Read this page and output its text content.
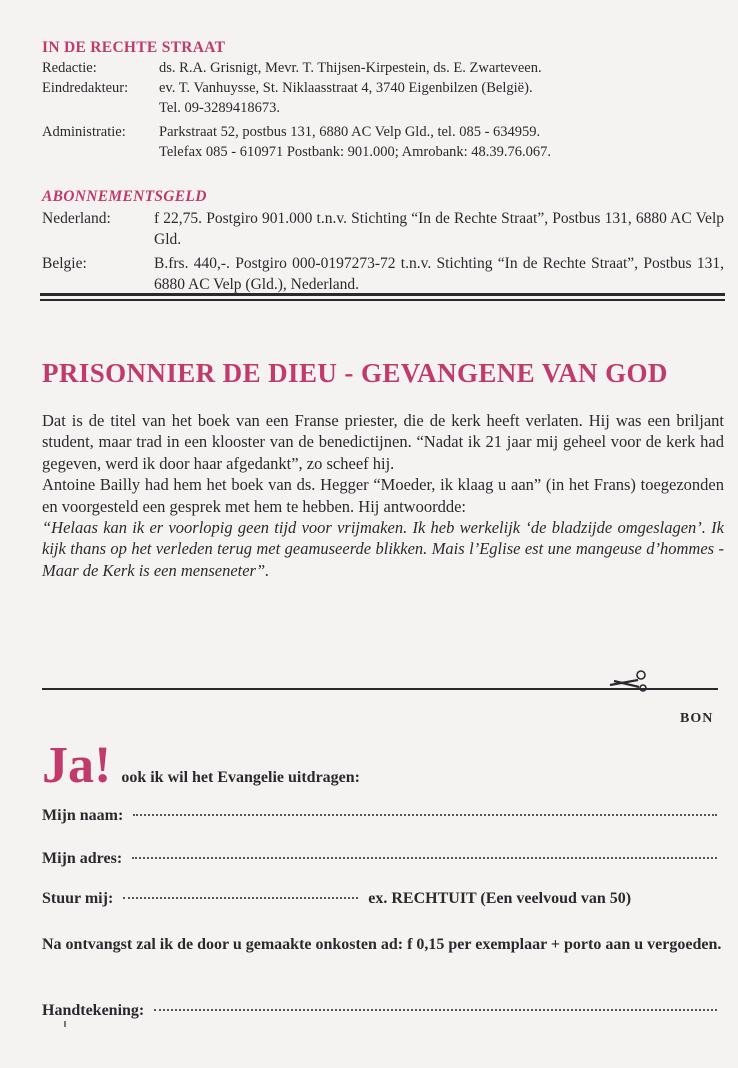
IN DE RECHTE STRAAT

Redactie:	ds. R.A. Grisnigt, Mevr. T. Thijsen-Kirpestein, ds. E. Zwarteveen.
Eindredakteur:	ev. T. Vanhuysse, St. Niklaasstraat 4, 3740 Eigenbilzen (België).
Tel. 09-3289418673.
Administratie:	Parkstraat 52, postbus 131, 6880 AC Velp Gld., tel. 085 - 634959.
Telefax 085 - 610971 Postbank: 901.000; Amrobank: 48.39.76.067.

ABONNEMENTSGELD

Nederland:	f 22,75. Postgiro 901.000 t.n.v. Stichting “In de Rechte Straat”, Postbus 131, 6880 AC Velp Gld.
Belgie:	B.frs. 440,-. Postgiro 000-0197273-72 t.n.v. Stichting “In de Rechte Straat”, Postbus 131, 6880 AC Velp (Gld.), Nederland.
PRISONNIER DE DIEU - GEVANGENE VAN GOD

Dat is de titel van het boek van een Franse priester, die de kerk heeft verlaten. Hij was een briljant student, maar trad in een klooster van de benedictijnen. “Nadat ik 21 jaar mij geheel voor de kerk had gegeven, werd ik door haar afgedankt”, zo scheef hij.

Antoine Bailly had hem het boek van ds. Hegger “Moeder, ik klaag u aan” (in het Frans) toegezonden en voorgesteld een gesprek met hem te hebben. Hij antwoordde:
“Helaas kan ik er voorlopig geen tijd voor vrijmaken. Ik heb werkelijk ‘de bladzijde omgeslagen’. Ik kijk thans op het verleden terug met geamuseerde blikken. Mais l’Eglise est une mangeuse d’hommes - Maar de Kerk is een menseneter”.

BON
Ja! ook ik wil het Evangelie uitdragen:
Mijn naam:
Mijn adres:
Stuur mij:	ex. RECHTUIT (Een veelvoud van 50)
Na ontvangst zal ik de door u gemaakte onkosten ad: f 0,15 per exemplaar + porto aan u vergoeden.
Handtekening:
